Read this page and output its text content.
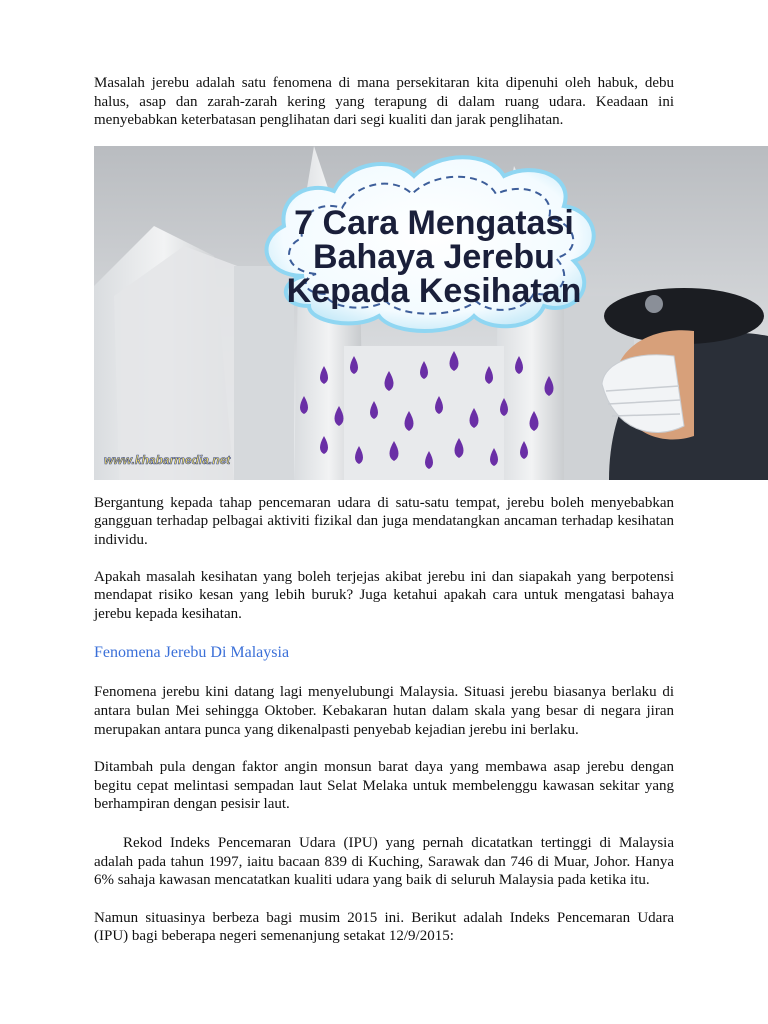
Masalah jerebu adalah satu fenomena di mana persekitaran kita dipenuhi oleh habuk, debu halus, asap dan zarah-zarah kering yang terapung di dalam ruang udara. Keadaan ini menyebabkan keterbatasan penglihatan dari segi kualiti dan jarak penglihatan.

7 Cara Mengatasi
Bahaya Jerebu
Kepada Kesihatan
www.khabarmedia.net

Bergantung kepada tahap pencemaran udara di satu-satu tempat, jerebu boleh menyebabkan gangguan terhadap pelbagai aktiviti fizikal dan juga mendatangkan ancaman terhadap kesihatan individu.

Apakah masalah kesihatan yang boleh terjejas akibat jerebu ini dan siapakah yang berpotensi mendapat risiko kesan yang lebih buruk? Juga ketahui apakah cara untuk mengatasi bahaya jerebu kepada kesihatan.

Fenomena Jerebu Di Malaysia

Fenomena jerebu kini datang lagi menyelubungi Malaysia. Situasi jerebu biasanya berlaku di antara bulan Mei sehingga Oktober. Kebakaran hutan dalam skala yang besar di negara jiran merupakan antara punca yang dikenalpasti penyebab kejadian jerebu ini berlaku.

Ditambah pula dengan faktor angin monsun barat daya yang membawa asap jerebu dengan begitu cepat melintasi sempadan laut Selat Melaka untuk membelenggu kawasan sekitar yang berhampiran dengan pesisir laut.

Rekod Indeks Pencemaran Udara (IPU) yang pernah dicatatkan tertinggi di Malaysia adalah pada tahun 1997, iaitu bacaan 839 di Kuching, Sarawak dan 746 di Muar, Johor. Hanya 6% sahaja kawasan mencatatkan kualiti udara yang baik di seluruh Malaysia pada ketika itu.

Namun situasinya berbeza bagi musim 2015 ini. Berikut adalah Indeks Pencemaran Udara (IPU) bagi beberapa negeri semenanjung setakat 12/9/2015:
